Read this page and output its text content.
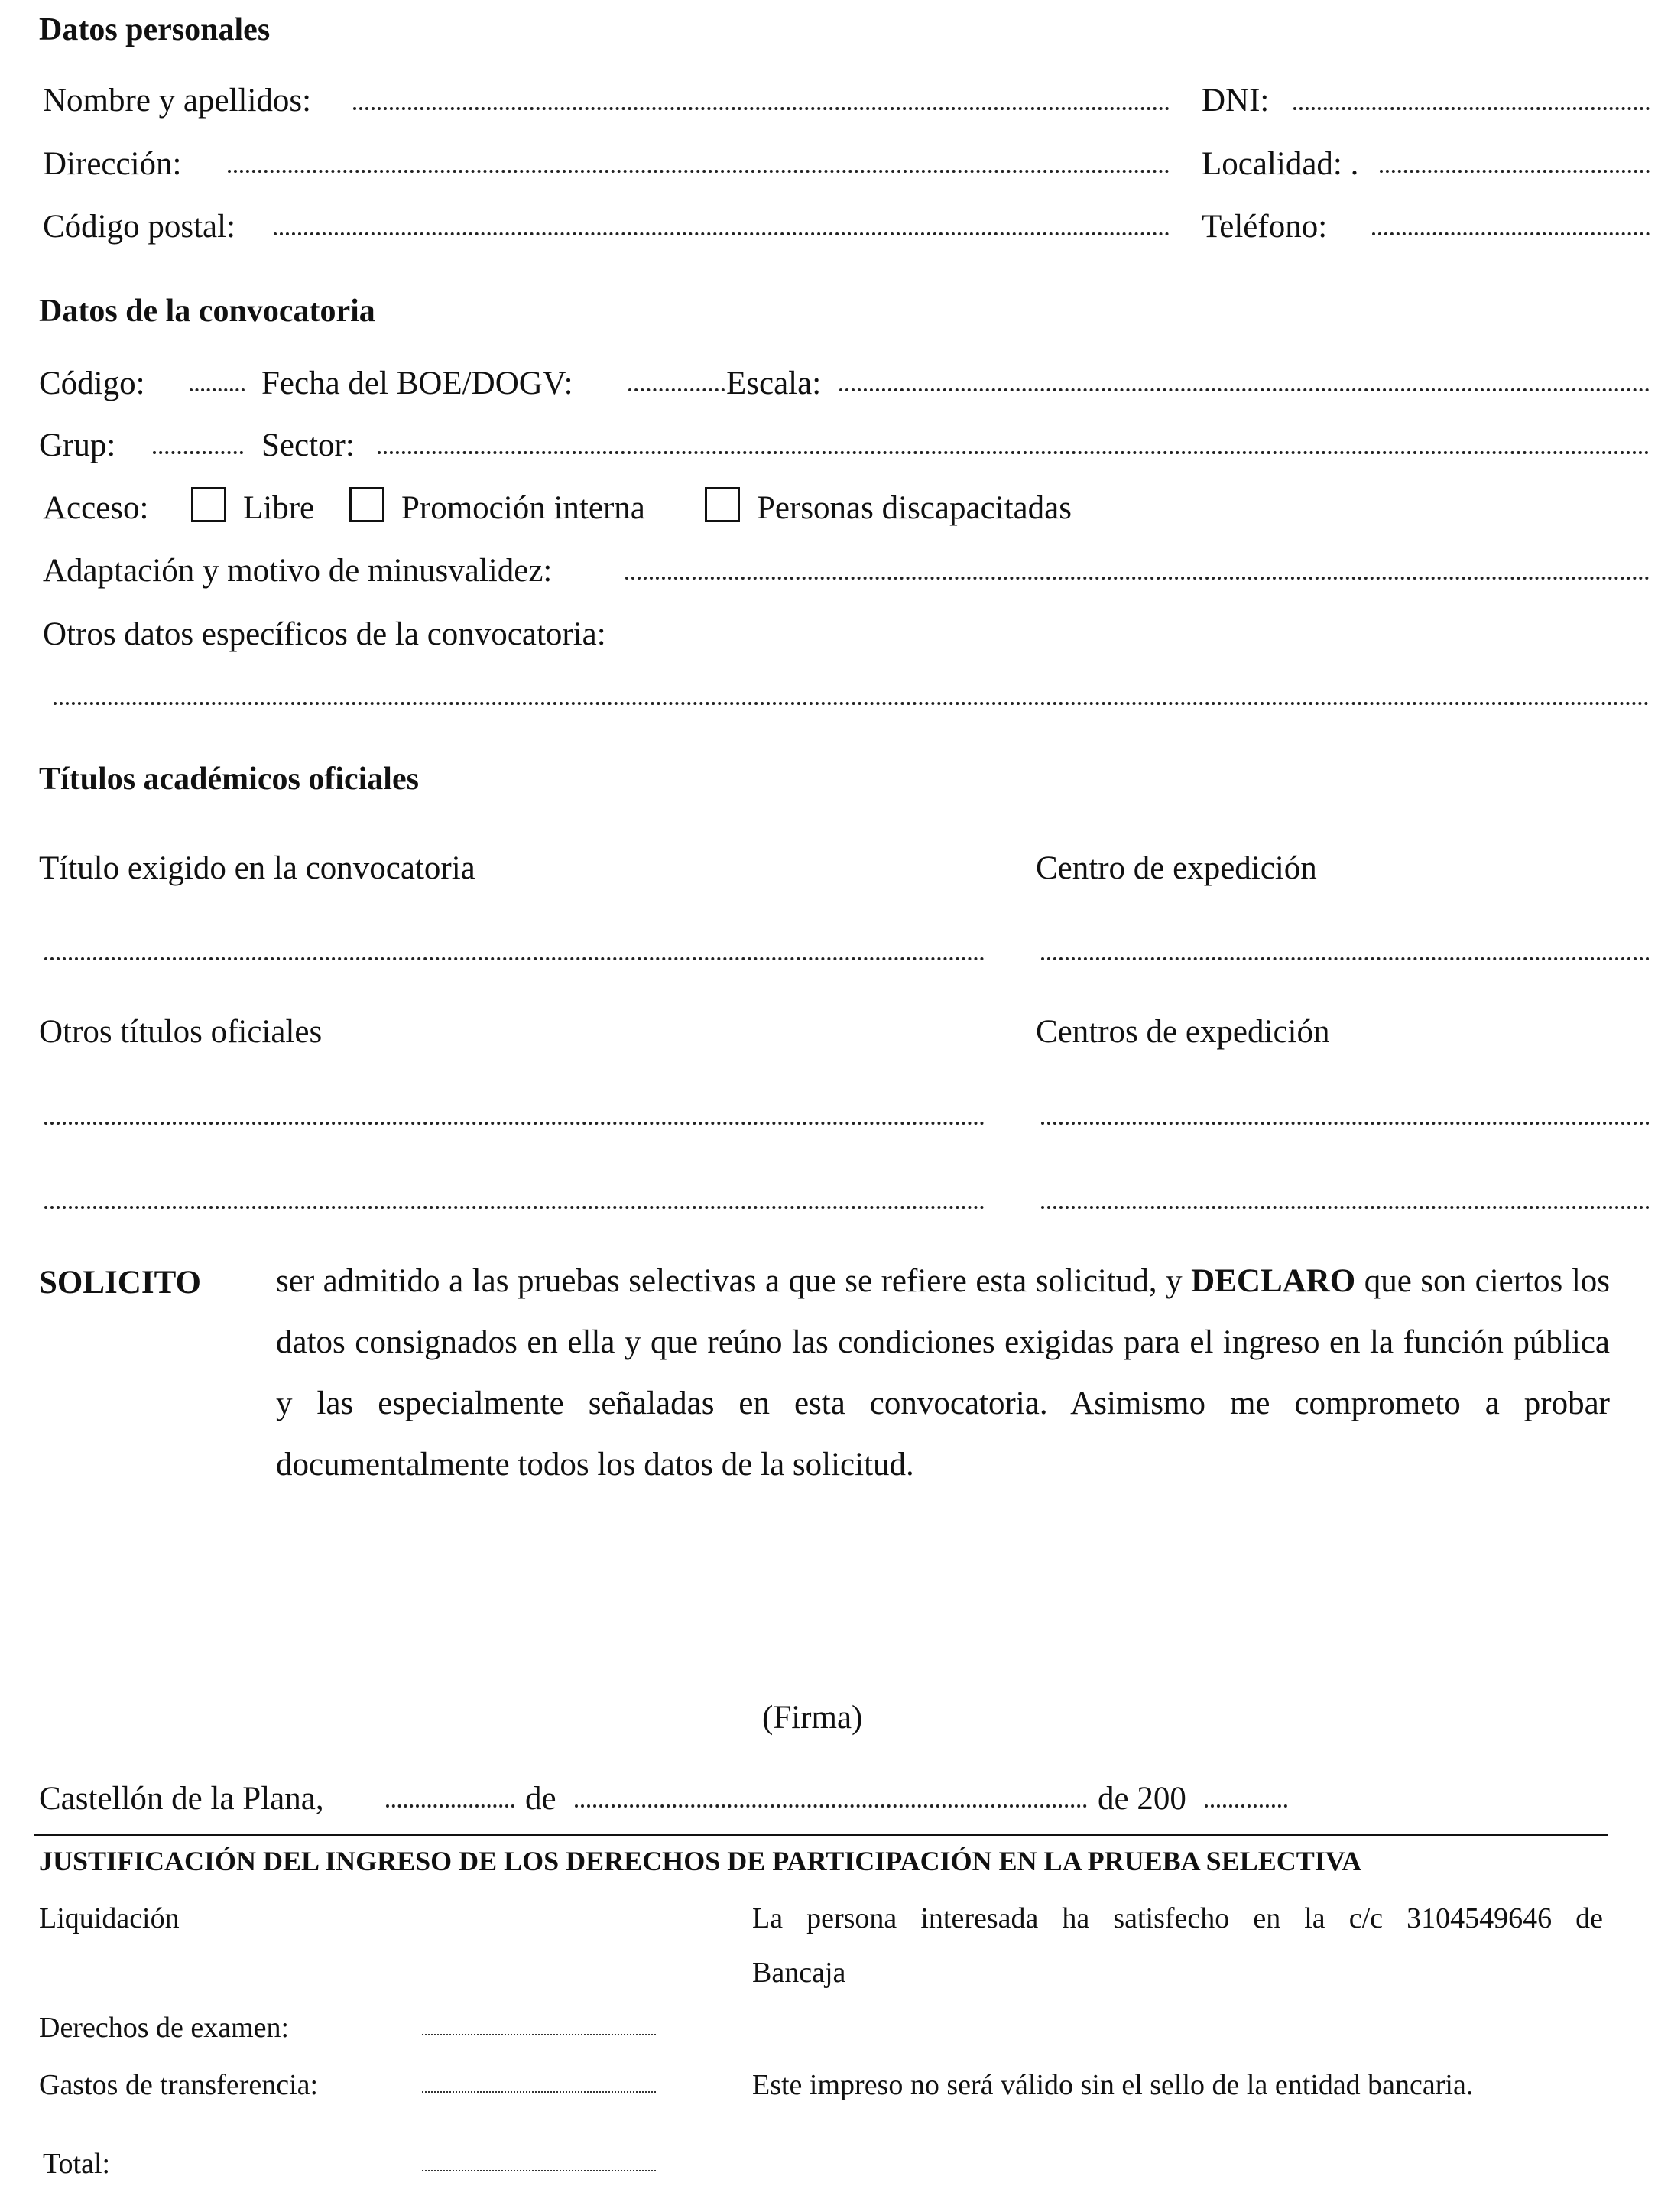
Datos personales
Nombre y apellidos:	DNI:
Dirección:	Localidad: .
Código postal:	Teléfono:
Datos de la convocatoria
Código:	Fecha del BOE/DOGV:	Escala:
Grup:	Sector:
Acceso:	Libre	Promoción interna	Personas discapacitadas
Adaptación y motivo de minusvalidez:
Otros datos específicos de la convocatoria:
Títulos académicos oficiales
Título exigido en la convocatoria	Centro de expedición
Otros títulos oficiales	Centros de expedición
SOLICITO ser admitido a las pruebas selectivas a que se refiere esta solicitud, y DECLARO que son ciertos los datos consignados en ella y que reúno las condiciones exigidas para el ingreso en la función pública y las especialmente señaladas en esta convocatoria. Asimismo me comprometo a probar documentalmente todos los datos de la solicitud.
(Firma)
Castellón de la Plana,	de	de 200
JUSTIFICACIÓN DEL INGRESO DE LOS DERECHOS DE PARTICIPACIÓN EN LA PRUEBA SELECTIVA
Liquidación	La persona interesada ha satisfecho en la c/c 3104549646 de
Bancaja
Derechos de examen:
Gastos de transferencia:	Este impreso no será válido sin el sello de la entidad bancaria.
Total:
